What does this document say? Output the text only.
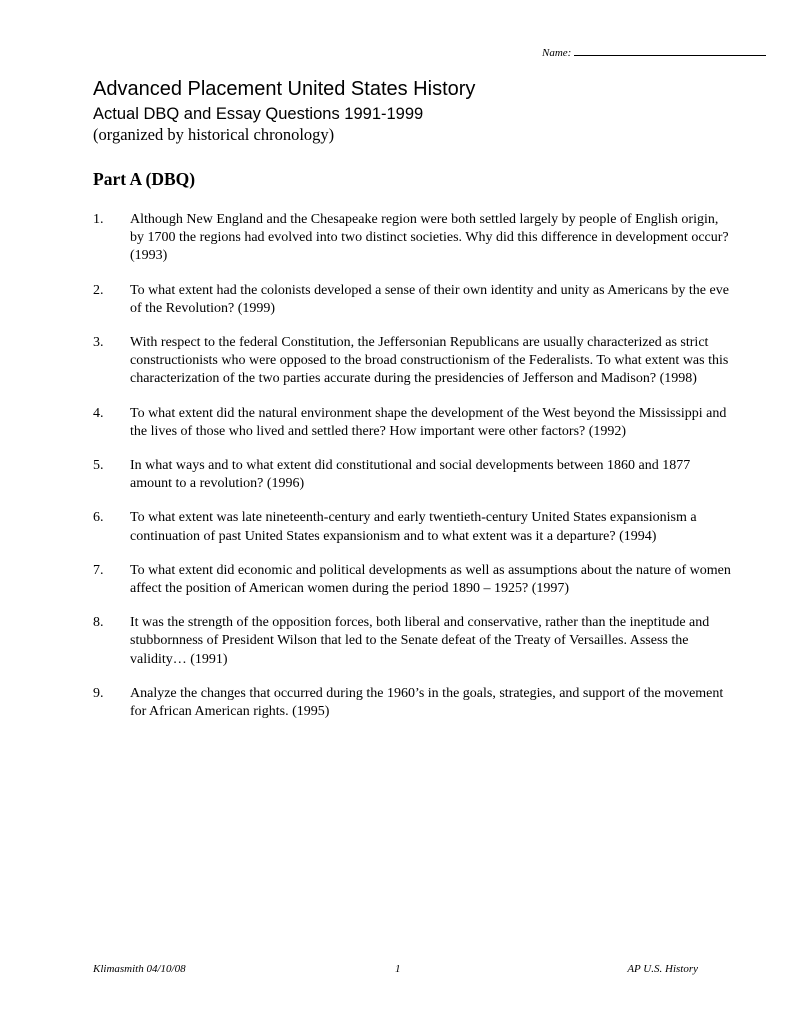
Name:
Advanced Placement United States History
Actual DBQ and Essay Questions 1991-1999
(organized by historical chronology)
Part A (DBQ)
1. Although New England and the Chesapeake region were both settled largely by people of English origin, by 1700 the regions had evolved into two distinct societies. Why did this difference in development occur? (1993)
2. To what extent had the colonists developed a sense of their own identity and unity as Americans by the eve of the Revolution? (1999)
3. With respect to the federal Constitution, the Jeffersonian Republicans are usually characterized as strict constructionists who were opposed to the broad constructionism of the Federalists. To what extent was this characterization of the two parties accurate during the presidencies of Jefferson and Madison? (1998)
4. To what extent did the natural environment shape the development of the West beyond the Mississippi and the lives of those who lived and settled there? How important were other factors? (1992)
5. In what ways and to what extent did constitutional and social developments between 1860 and 1877 amount to a revolution? (1996)
6. To what extent was late nineteenth-century and early twentieth-century United States expansionism a continuation of past United States expansionism and to what extent was it a departure? (1994)
7. To what extent did economic and political developments as well as assumptions about the nature of women affect the position of American women during the period 1890 – 1925? (1997)
8. It was the strength of the opposition forces, both liberal and conservative, rather than the ineptitude and stubbornness of President Wilson that led to the Senate defeat of the Treaty of Versailles. Assess the validity… (1991)
9. Analyze the changes that occurred during the 1960’s in the goals, strategies, and support of the movement for African American rights. (1995)
Klimasmith 04/10/08	1	AP U.S. History
